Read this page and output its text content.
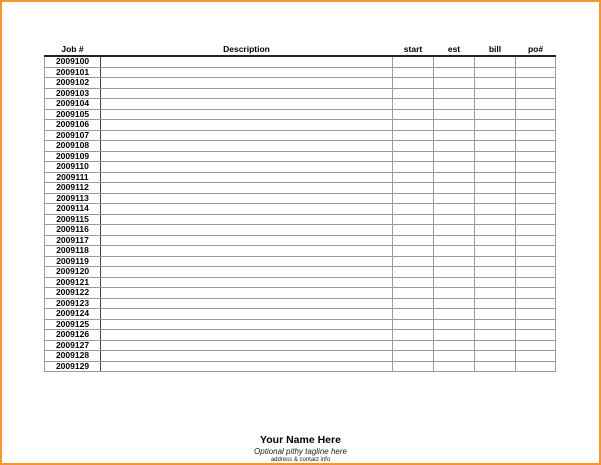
Job #	Description	start	est	bill	po#
2009100					
2009101					
2009102					
2009103					
2009104					
2009105					
2009106					
2009107					
2009108					
2009109					
2009110					
2009111					
2009112					
2009113					
2009114					
2009115					
2009116					
2009117					
2009118					
2009119					
2009120					
2009121					
2009122					
2009123					
2009124					
2009125					
2009126					
2009127					
2009128					
2009129					
Your Name Here
Optional pithy tagline here
address & contact info
